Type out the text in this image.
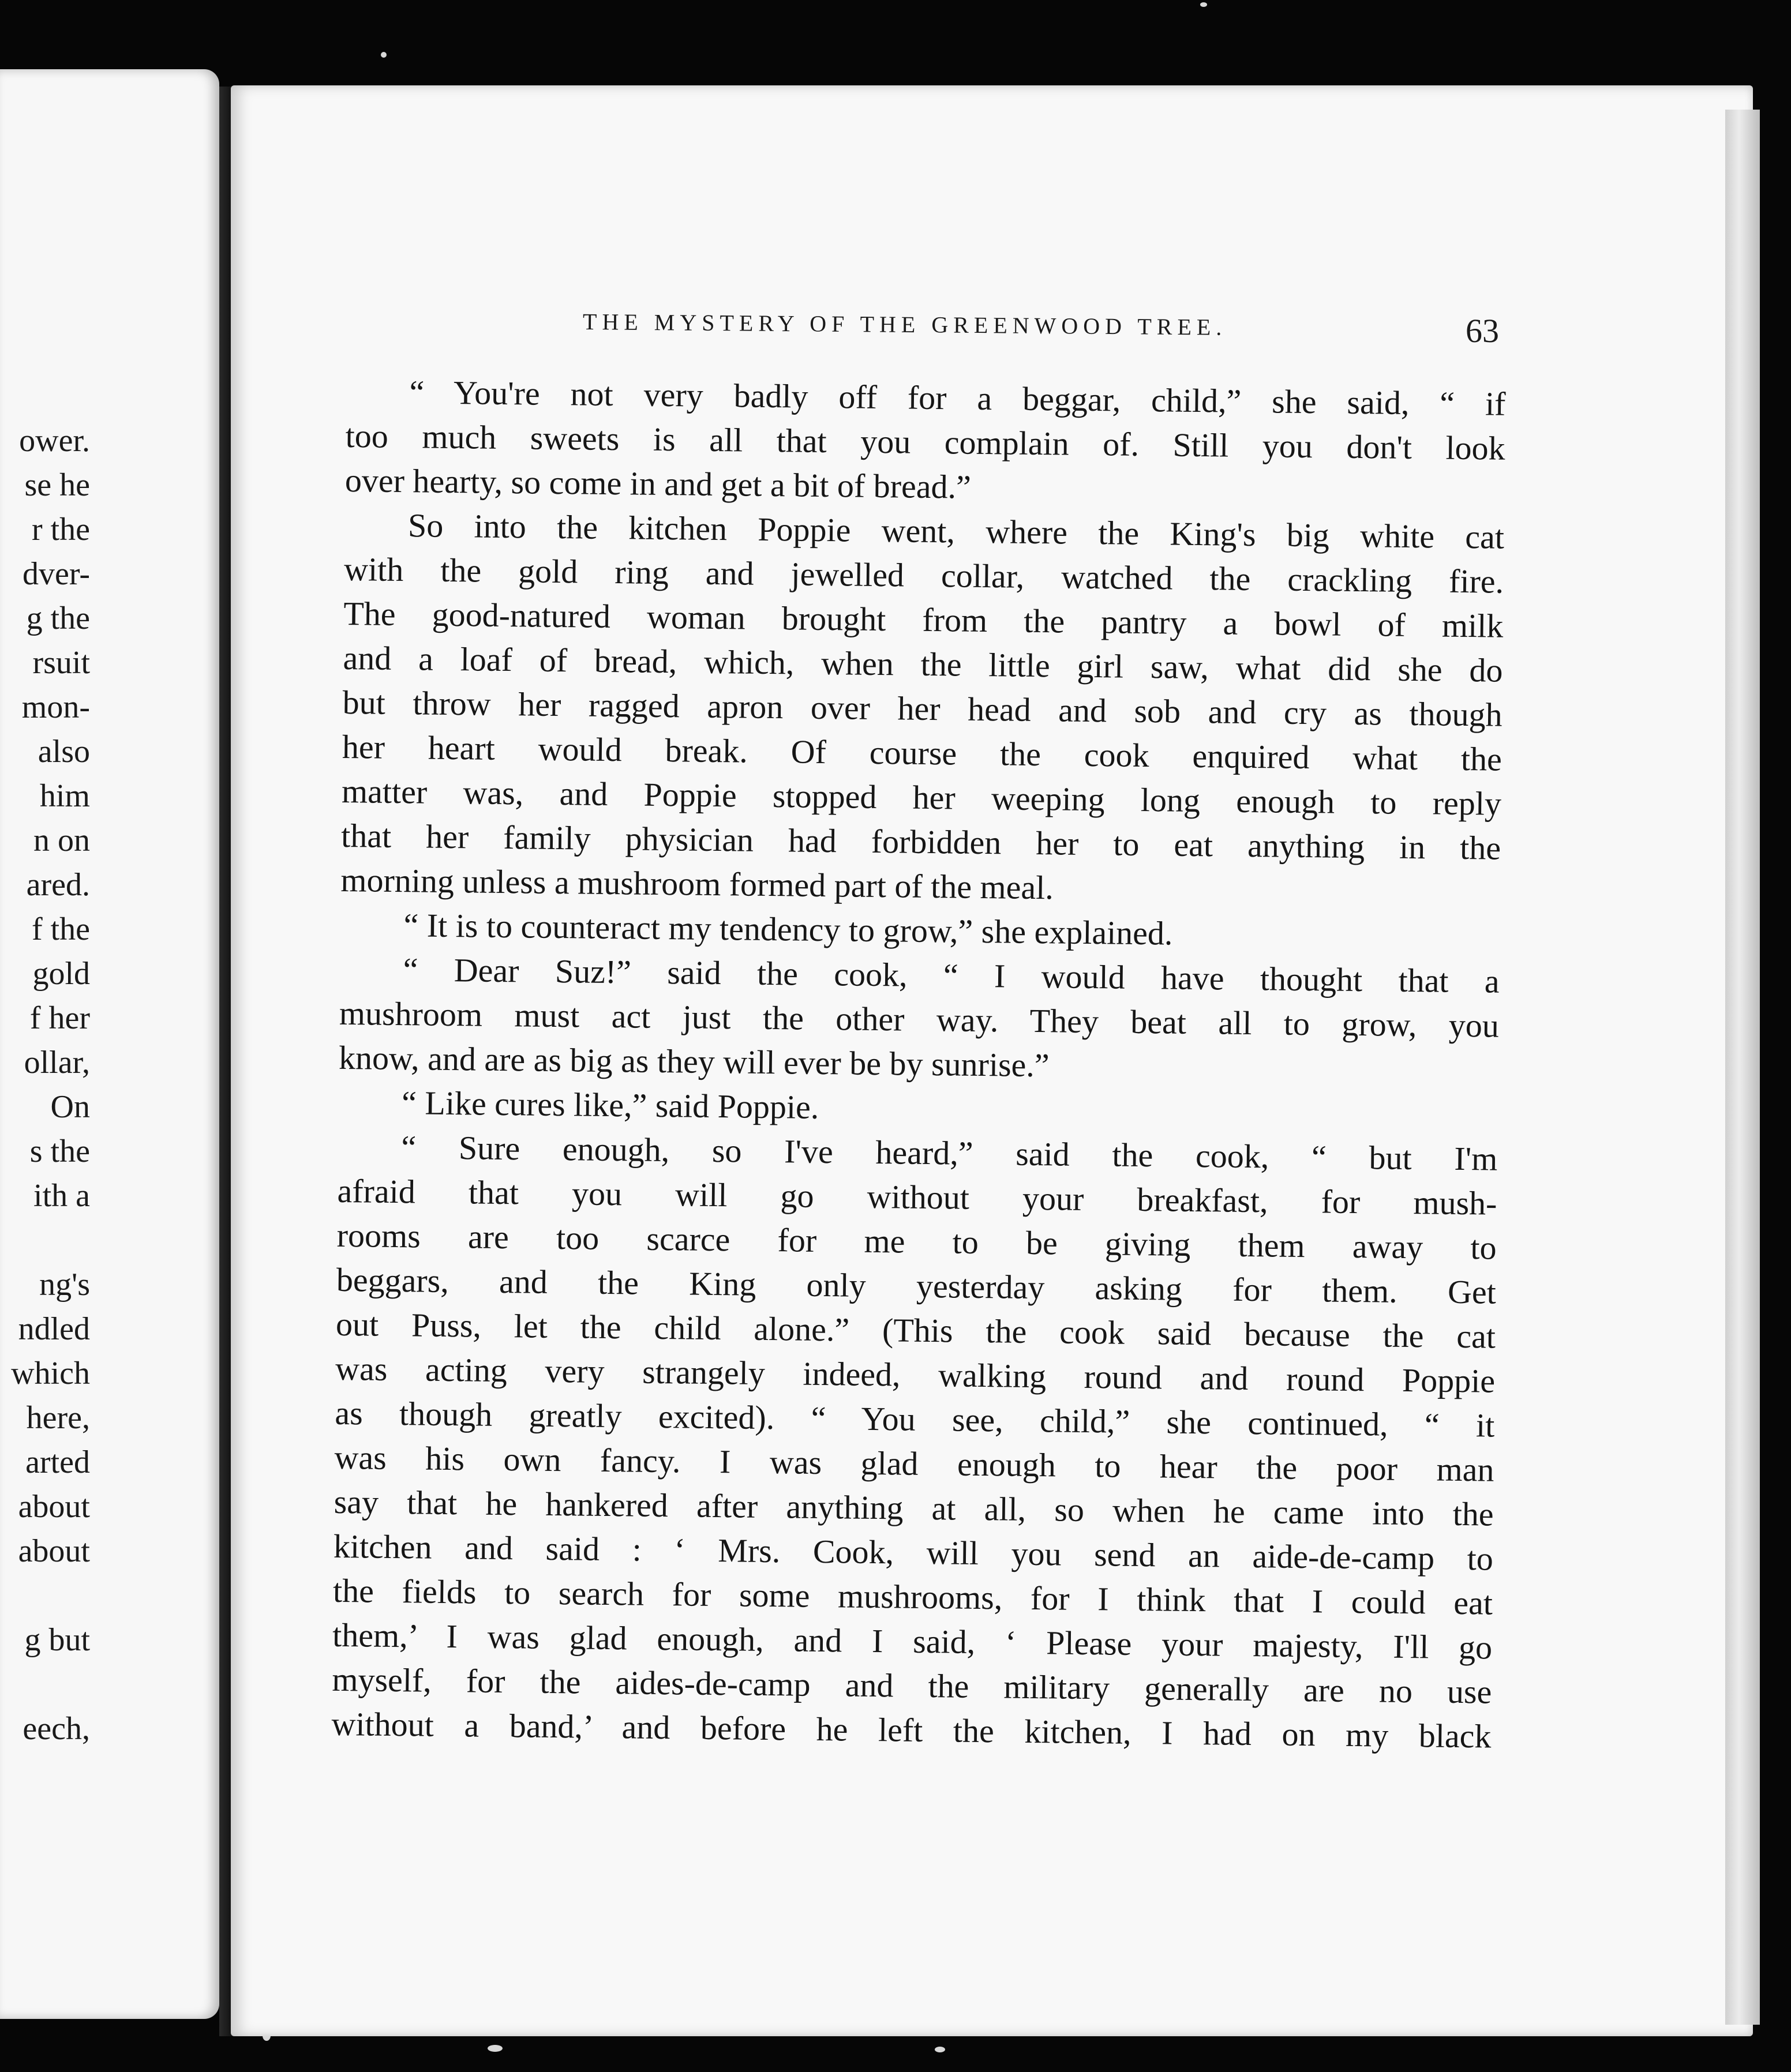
ower.
se he
r the
dver-
g the
rsuit
mon-
also
him
n on
ared.
f the
gold
f her
ollar,
On
s the
ith a
ng's
ndled
which
here,
arted
about
about
g but
eech,
THE MYSTERY OF THE GREENWOOD TREE.	63
“ You're not very badly off for a beggar, child,” she said, “ if
too much sweets is all that you complain of. Still you don't look
over hearty, so come in and get a bit of bread.”
So into the kitchen Poppie went, where the King's big white cat
with the gold ring and jewelled collar, watched the crackling fire.
The good-natured woman brought from the pantry a bowl of milk
and a loaf of bread, which, when the little girl saw, what did she do
but throw her ragged apron over her head and sob and cry as though
her heart would break. Of course the cook enquired what the
matter was, and Poppie stopped her weeping long enough to reply
that her family physician had forbidden her to eat anything in the
morning unless a mushroom formed part of the meal.
“ It is to counteract my tendency to grow,” she explained.
“ Dear Suz!” said the cook, “ I would have thought that a
mushroom must act just the other way. They beat all to grow, you
know, and are as big as they will ever be by sunrise.”
“ Like cures like,” said Poppie.
“ Sure enough, so I've heard,” said the cook, “ but I'm
afraid that you will go without your breakfast, for mush-
rooms are too scarce for me to be giving them away to
beggars, and the King only yesterday asking for them. Get
out Puss, let the child alone.” (This the cook said because the cat
was acting very strangely indeed, walking round and round Poppie
as though greatly excited). “ You see, child,” she continued, “ it
was his own fancy. I was glad enough to hear the poor man
say that he hankered after anything at all, so when he came into the
kitchen and said : ‘ Mrs. Cook, will you send an aide-de-camp to
the fields to search for some mushrooms, for I think that I could eat
them,’ I was glad enough, and I said, ‘ Please your majesty, I'll go
myself, for the aides-de-camp and the military generally are no use
without a band,’ and before he left the kitchen, I had on my black
